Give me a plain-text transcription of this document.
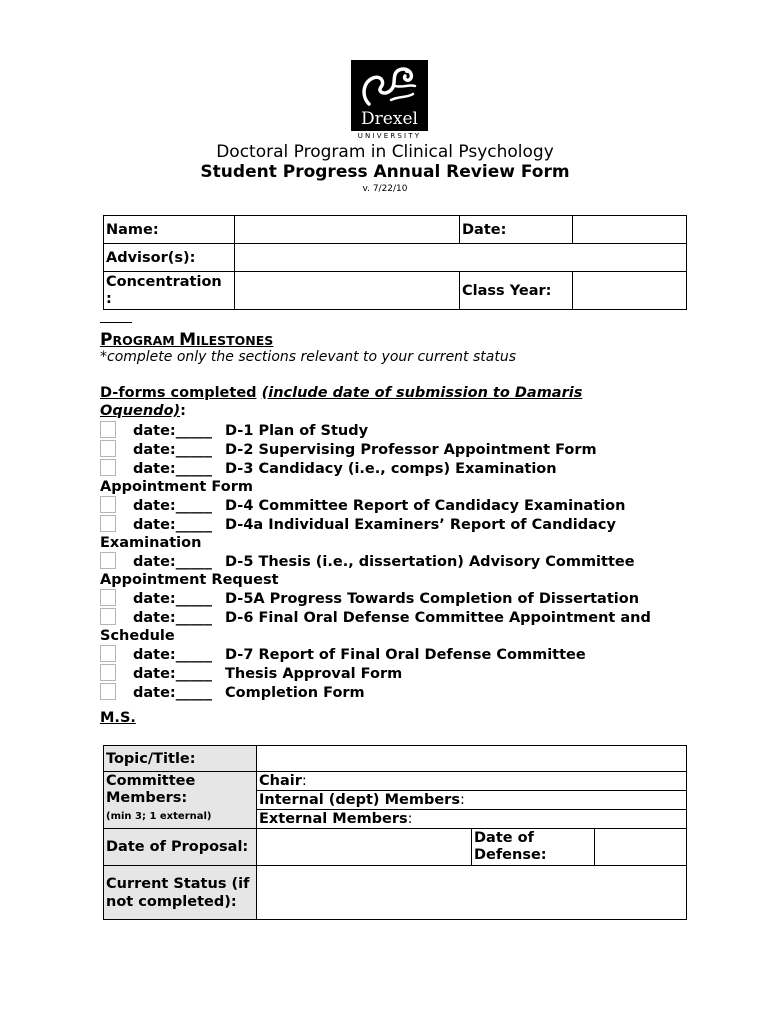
Drexel
UNIVERSITY
Doctoral Program in Clinical Psychology
Student Progress Annual Review Form
v. 7/22/10
Name:		Date:	
Advisor(s):			
Concentration
:		Class Year:	
PROGRAM MILESTONES
*complete only the sections relevant to your current status
D-forms completed (include date of submission to Damaris Oquendo):
date:_____ D-1 Plan of Study
date:_____ D-2 Supervising Professor Appointment Form
date:_____ D-3 Candidacy (i.e., comps) Examination
Appointment Form
date:_____ D-4 Committee Report of Candidacy Examination
date:_____ D-4a Individual Examiners’ Report of Candidacy
Examination
date:_____ D-5 Thesis (i.e., dissertation) Advisory Committee
Appointment Request
date:_____ D-5A Progress Towards Completion of Dissertation
date:_____ D-6 Final Oral Defense Committee Appointment and
Schedule
date:_____ D-7 Report of Final Oral Defense Committee
date:_____ Thesis Approval Form
date:_____ Completion Form
M.S.
Topic/Title:		
Committee Members:
(min 3; 1 external)	Chair:	
	Internal (dept) Members:	
	External Members:	
Date of Proposal:		Date of Defense:

Current Status (if not completed):		
